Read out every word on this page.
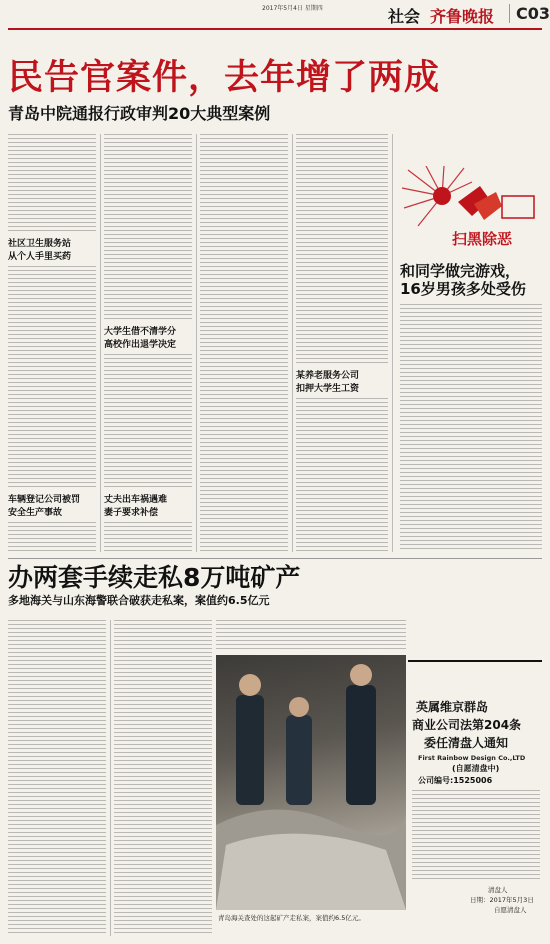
2017年5月4日 星期四	社会 齐鲁晚报	C03
民告官案件，去年增了两成
青岛中院通报行政审判20大典型案例
扫黑除恶
和同学做完游戏，
16岁男孩多处受伤
社区卫生服务站
从个人手里买药
车辆登记公司被罚
安全生产事故
大学生借不清学分
高校作出退学决定
丈夫出车祸遇难
妻子要求补偿
某养老服务公司
扣押大学生工资
办两套手续走私8万吨矿产
多地海关与山东海警联合破获走私案，案值约6.5亿元
青岛海关查处的这起矿产走私案，案值约6.5亿元。
英属维京群岛
商业公司法第204条
委任清盘人通知
First Rainbow Design Co.,LTD
(自愿清盘中)
公司编号:1525006
清盘人
日期：2017年5月3日
自愿清盘人
